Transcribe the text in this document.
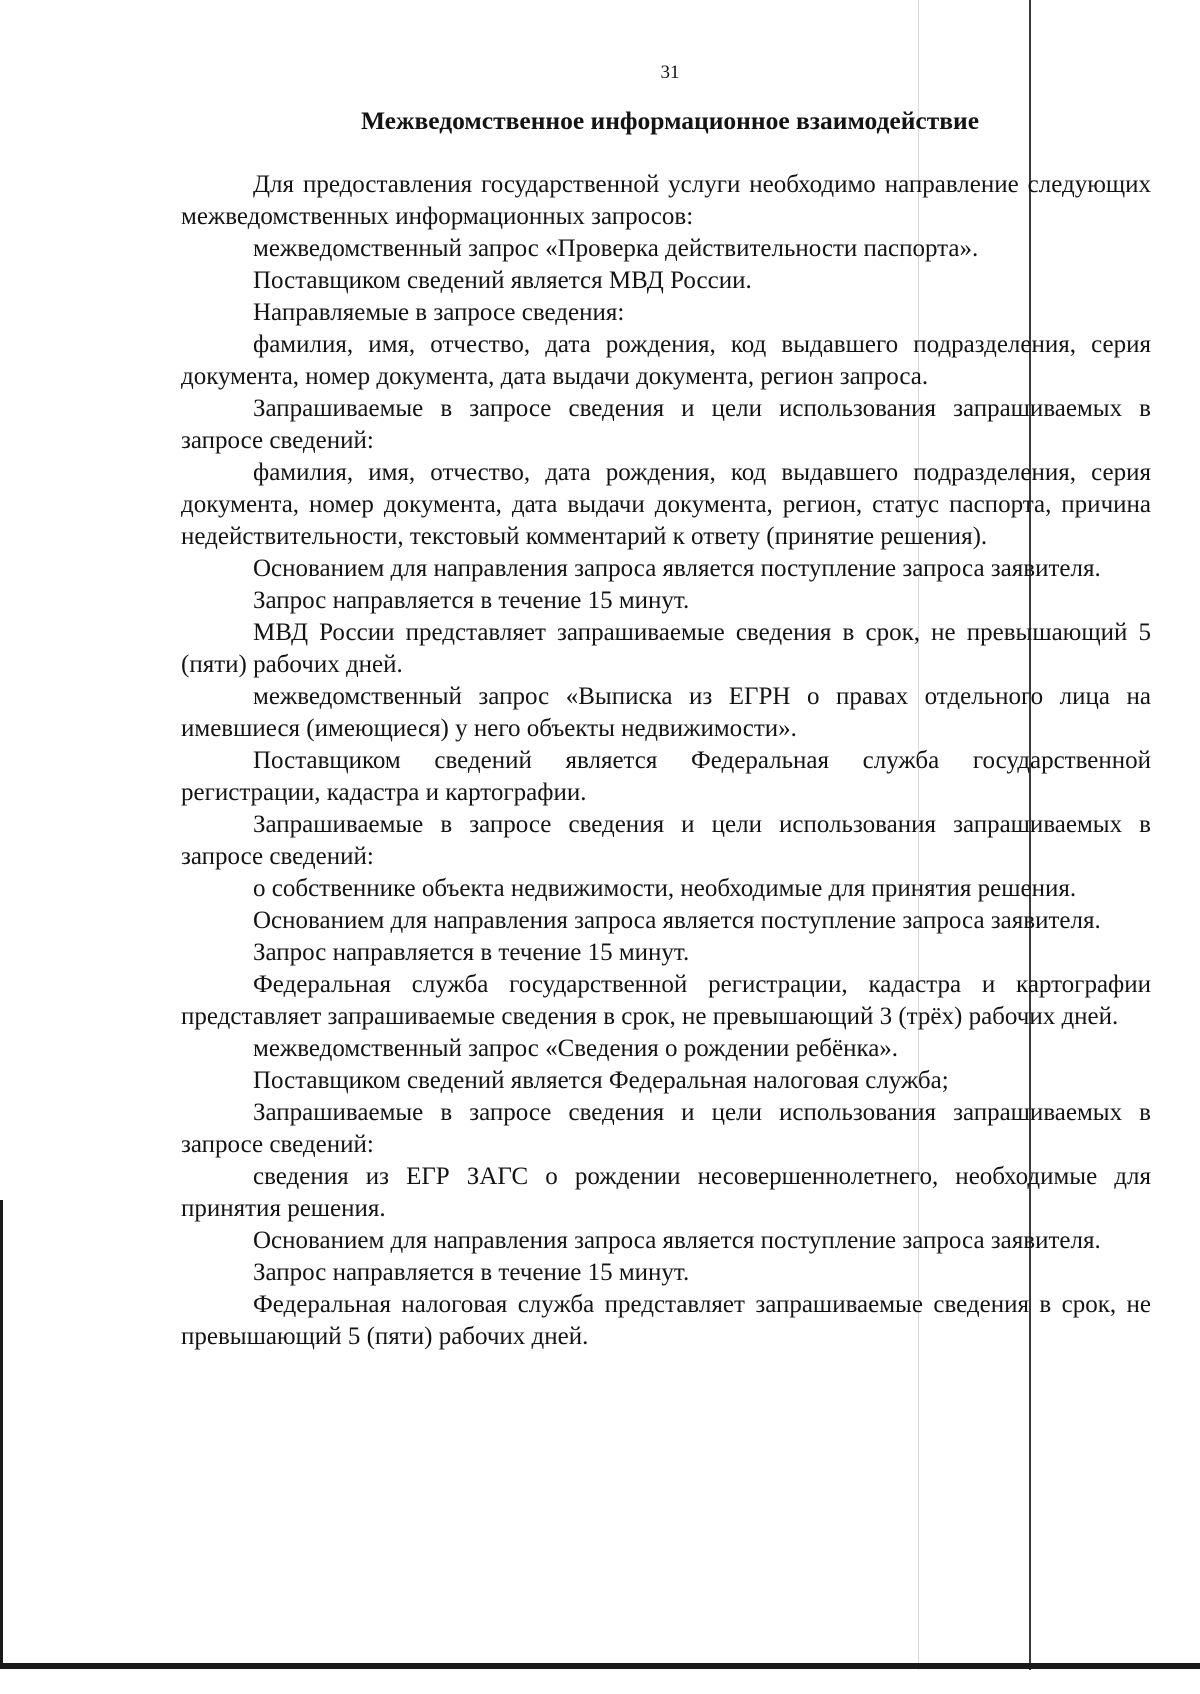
31
Межведомственное информационное взаимодействие

Для предоставления государственной услуги необходимо направление следующих межведомственных информационных запросов:

межведомственный запрос «Проверка действительности паспорта».

Поставщиком сведений является МВД России.

Направляемые в запросе сведения:

фамилия, имя, отчество, дата рождения, код выдавшего подразделения, серия документа, номер документа, дата выдачи документа, регион запроса.

Запрашиваемые в запросе сведения и цели использования запрашиваемых в запросе сведений:

фамилия, имя, отчество, дата рождения, код выдавшего подразделения, серия документа, номер документа, дата выдачи документа, регион, статус паспорта, причина недействительности, текстовый комментарий к ответу (принятие решения).

Основанием для направления запроса является поступление запроса заявителя.

Запрос направляется в течение 15 минут.

МВД России представляет запрашиваемые сведения в срок, не превышающий 5 (пяти) рабочих дней.

межведомственный запрос «Выписка из ЕГРН о правах отдельного лица на имевшиеся (имеющиеся) у него объекты недвижимости».

Поставщиком сведений является Федеральная служба государственной регистрации, кадастра и картографии.

Запрашиваемые в запросе сведения и цели использования запрашиваемых в запросе сведений:

о собственнике объекта недвижимости, необходимые для принятия решения.

Основанием для направления запроса является поступление запроса заявителя.

Запрос направляется в течение 15 минут.

Федеральная служба государственной регистрации, кадастра и картографии представляет запрашиваемые сведения в срок, не превышающий 3 (трёх) рабочих дней.

межведомственный запрос «Сведения о рождении ребёнка».

Поставщиком сведений является Федеральная налоговая служба;

Запрашиваемые в запросе сведения и цели использования запрашиваемых в запросе сведений:

сведения из ЕГР ЗАГС о рождении несовершеннолетнего, необходимые для принятия решения.

Основанием для направления запроса является поступление запроса заявителя.

Запрос направляется в течение 15 минут.

Федеральная налоговая служба представляет запрашиваемые сведения в срок, не превышающий 5 (пяти) рабочих дней.
